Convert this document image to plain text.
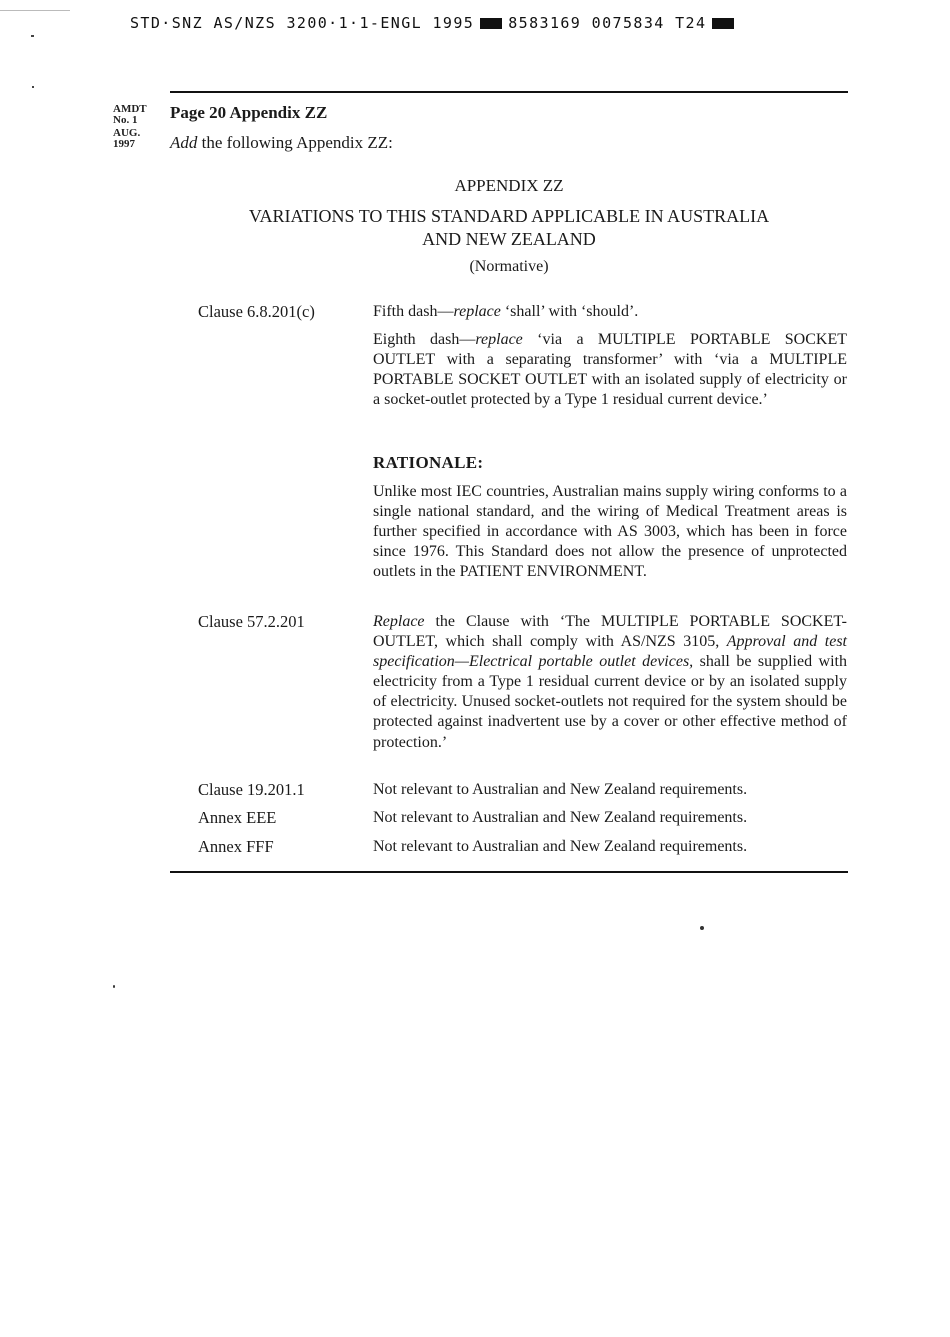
STD·SNZ AS/NZS 3200·1·1-ENGL 1995 8583169 0075834 T24
AMDT
No. 1
AUG.
1997
Page 20 Appendix ZZ
Add the following Appendix ZZ:
APPENDIX ZZ
VARIATIONS TO THIS STANDARD APPLICABLE IN AUSTRALIA
AND NEW ZEALAND
(Normative)
Clause 6.8.201(c)	Fifth dash—replace ‘shall’ with ‘should’.
Eighth dash—replace ‘via a MULTIPLE PORTABLE SOCKET OUTLET with a separating transformer’ with ‘via a MULTIPLE PORTABLE SOCKET OUTLET with an isolated supply of electricity or a socket-outlet protected by a Type 1 residual current device.’
RATIONALE:
Unlike most IEC countries, Australian mains supply wiring conforms to a single national standard, and the wiring of Medical Treatment areas is further specified in accordance with AS 3003, which has been in force since 1976. This Standard does not allow the presence of unprotected outlets in the PATIENT ENVIRONMENT.
Clause 57.2.201	Replace the Clause with ‘The MULTIPLE PORTABLE SOCKET-OUTLET, which shall comply with AS/NZS 3105, Approval and test specification—Electrical portable outlet devices, shall be supplied with electricity from a Type 1 residual current device or by an isolated supply of electricity. Unused socket-outlets not required for the system should be protected against inadvertent use by a cover or other effective method of protection.’
Clause 19.201.1	Not relevant to Australian and New Zealand requirements.
Annex EEE	Not relevant to Australian and New Zealand requirements.
Annex FFF	Not relevant to Australian and New Zealand requirements.
